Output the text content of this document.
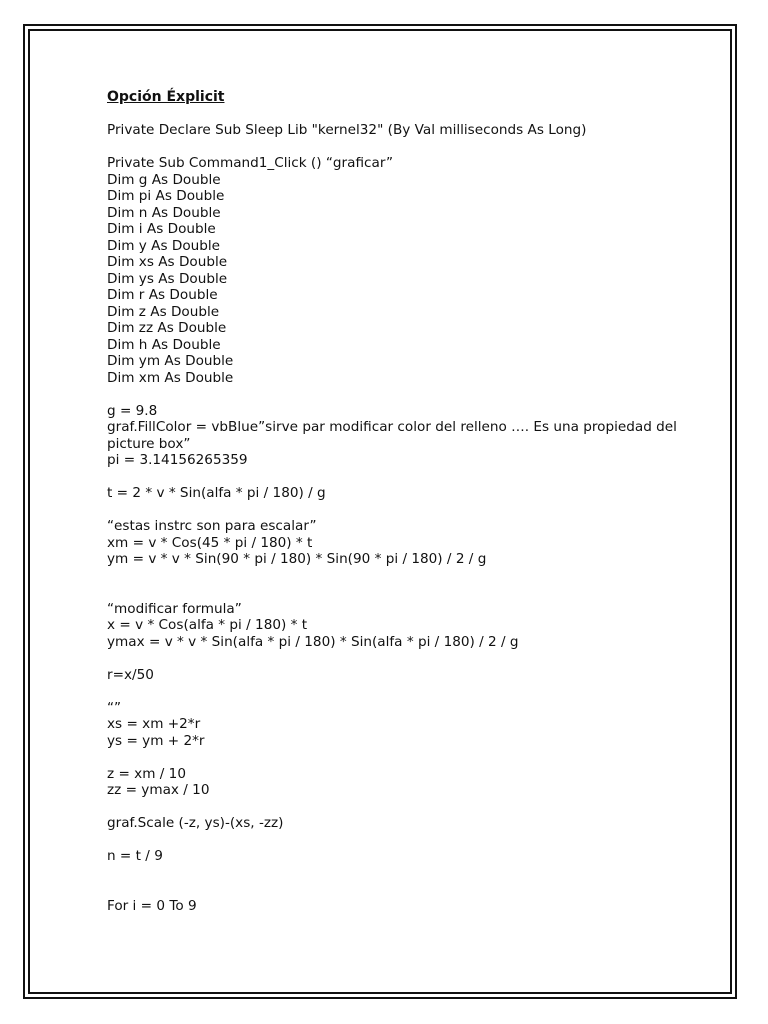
Opción Éxplicit
Private Declare Sub Sleep Lib "kernel32" (By Val milliseconds As Long)
Private Sub Command1_Click () “graficar”
Dim g As Double
Dim pi As Double
Dim n As Double
Dim i As Double
Dim y As Double
Dim xs As Double
Dim ys As Double
Dim r As Double
Dim z As Double
Dim zz As Double
Dim h As Double
Dim ym As Double
Dim xm As Double
g = 9.8
graf.FillColor = vbBlue”sirve par modificar color del relleno …. Es una propiedad del picture box”
pi = 3.14156265359
t = 2 * v * Sin(alfa * pi / 180) / g
“estas instrc son para escalar”
xm = v * Cos(45 * pi / 180) * t
ym = v * v * Sin(90 * pi / 180) * Sin(90 * pi / 180) / 2 / g
“modificar formula”
x = v * Cos(alfa * pi / 180) * t
ymax = v * v * Sin(alfa * pi / 180) * Sin(alfa * pi / 180) / 2 / g
r=x/50
“”
xs = xm +2*r
ys = ym + 2*r
z = xm / 10
zz = ymax / 10
graf.Scale (-z, ys)-(xs, -zz)
n = t / 9
For i = 0 To 9
